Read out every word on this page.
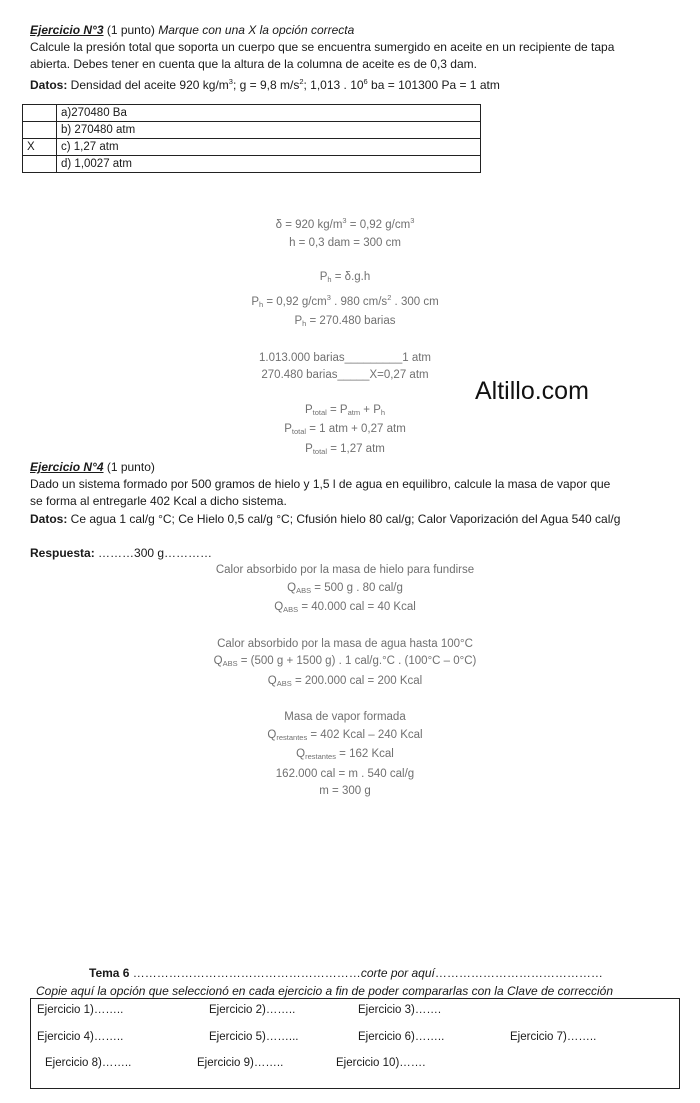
Ejercicio N°3 (1 punto) Marque con una X la opción correcta
Calcule la presión total que soporta un cuerpo que se encuentra sumergido en aceite en un recipiente de tapa
abierta. Debes tener en cuenta que la altura de la columna de aceite es de 0,3 dam.
Datos: Densidad del aceite 920 $kg/m^3$; g = 9,8 $m/s^2$; 1,013 . $10^6$ ba = 101300 Pa = 1 atm
	a)270480 Ba
	b) 270480 atm
X	c) 1,27 atm
	d) 1,0027 atm
δ = 920 $kg/m^3 = 0,92$ $g/cm^3$
h = 0,3 dam = 300 cm
$P_h = \delta.g.h$
$P_h = 0,92$ $g/cm^3$ . 980 $cm/s^2$ . 300 cm
$P_h = 270.480$ barias
1.013.000 barias_________1 atm
270.480 barias_____X=0,27 atm
$P_{total} = P_{atm} + P_h$
$P_{total} = 1$ atm + 0,27 atm
$P_{total} = 1,27$ atm
Altillo.com
Ejercicio N°4 (1 punto)
Dado un sistema formado por 500 gramos de hielo y 1,5 l de agua en equilibro, calcule la masa de vapor que
se forma al entregarle 402 Kcal a dicho sistema.
Datos: Ce agua 1 cal/g °C; Ce Hielo 0,5 cal/g °C; Cfusión hielo 80 cal/g; Calor Vaporización del Agua 540 cal/g
Respuesta: ………300 g…………
Calor absorbido por la masa de hielo para fundirse
$Q_{ABS} = 500$ g . 80 cal/g
$Q_{ABS} = 40.000$ cal = 40 Kcal
Calor absorbido por la masa de agua hasta 100°C
$Q_{ABS} = (500$ g + 1500 g) . 1 cal/g.°C . (100°C – 0°C)
$Q_{ABS} = 200.000$ cal = 200 Kcal
Masa de vapor formada
$Q_{restantes} = 402$ Kcal – 240 Kcal
$Q_{restantes} = 162$ Kcal
162.000 cal = m . 540 cal/g
m = 300 g
Tema 6 …………………………………………………corte por aquí……………………………………
Copie aquí la opción que seleccionó en cada ejercicio a fin de poder compararlas con la Clave de corrección
Ejercicio 1)……..	Ejercicio 2)……..	Ejercicio 3)…….
Ejercicio 4)……..	Ejercicio 5)……...	Ejercicio 6)……..	Ejercicio 7)……..
Ejercicio 8)……..	Ejercicio 9)……..	Ejercicio 10)…….
